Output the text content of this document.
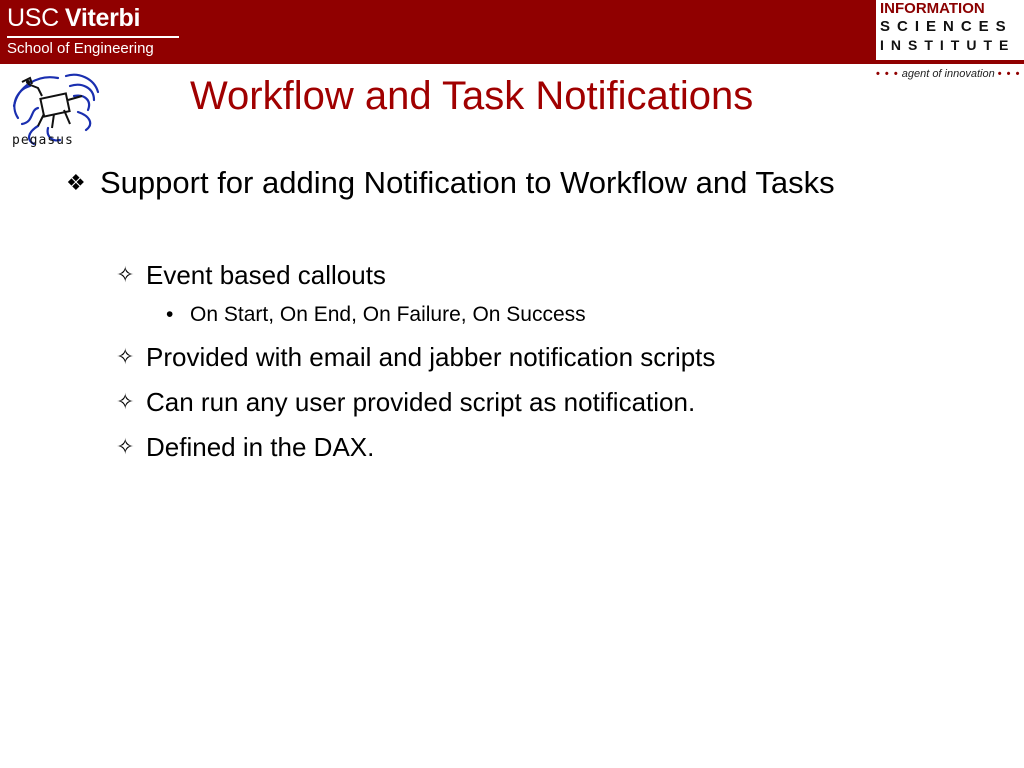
USC Viterbi
School of Engineering
INFORMATION
SCIENCES
INSTITUTE
• • • agent of innovation • • •
pegasus
Workflow and Task Notifications
❖ Support for adding Notification to Workflow and Tasks
✧ Event based callouts
• On Start, On End, On Failure, On Success
✧ Provided with email and jabber notification scripts
✧ Can run any user provided script as notification.
✧ Defined in the DAX.
